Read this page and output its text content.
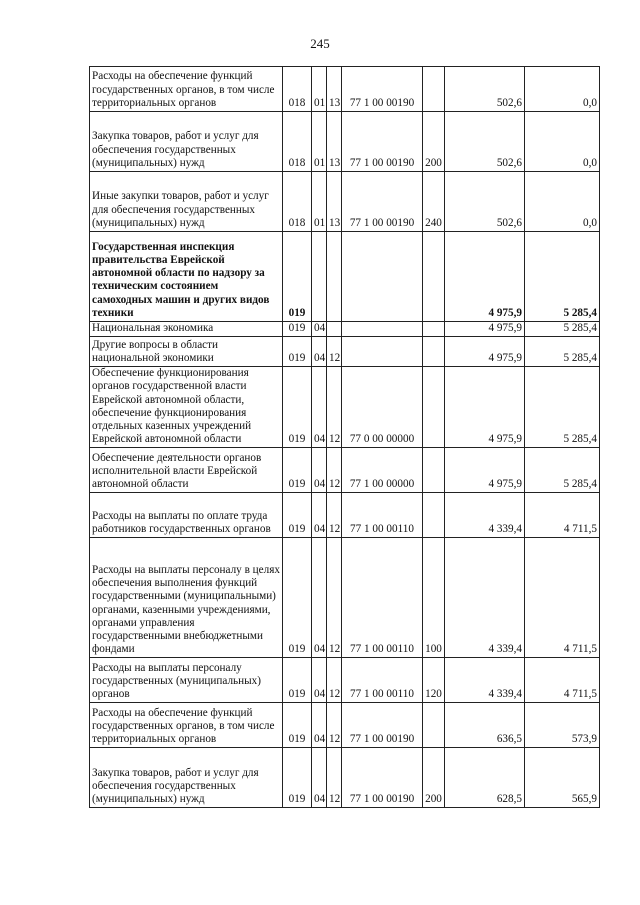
245
Расходы на обеспечение функций государственных органов, в том числе территориальных органов	018	01	13	77 1 00 00190		502,6	0,0
Закупка товаров, работ и услуг для обеспечения государственных (муниципальных) нужд	018	01	13	77 1 00 00190	200	502,6	0,0
Иные закупки товаров, работ и услуг для обеспечения государственных (муниципальных) нужд	018	01	13	77 1 00 00190	240	502,6	0,0
Государственная инспекция правительства Еврейской автономной области по надзору за техническим состоянием самоходных машин и других видов техники	019					4 975,9	5 285,4
Национальная экономика	019	04				4 975,9	5 285,4
Другие вопросы в области национальной экономики	019	04	12			4 975,9	5 285,4
Обеспечение функционирования органов государственной власти Еврейской автономной области, обеспечение функционирования отдельных казенных учреждений Еврейской автономной области	019	04	12	77 0 00 00000		4 975,9	5 285,4
Обеспечение деятельности органов исполнительной власти Еврейской автономной области	019	04	12	77 1 00 00000		4 975,9	5 285,4
Расходы на выплаты по оплате труда работников государственных органов	019	04	12	77 1 00 00110		4 339,4	4 711,5
Расходы на выплаты персоналу в целях обеспечения выполнения функций государственными (муниципальными) органами, казенными учреждениями, органами управления государственными внебюджетными фондами	019	04	12	77 1 00 00110	100	4 339,4	4 711,5
Расходы на выплаты персоналу государственных (муниципальных) органов	019	04	12	77 1 00 00110	120	4 339,4	4 711,5
Расходы на обеспечение функций государственных органов, в том числе территориальных органов	019	04	12	77 1 00 00190		636,5	573,9
Закупка товаров, работ и услуг для обеспечения государственных (муниципальных) нужд	019	04	12	77 1 00 00190	200	628,5	565,9
